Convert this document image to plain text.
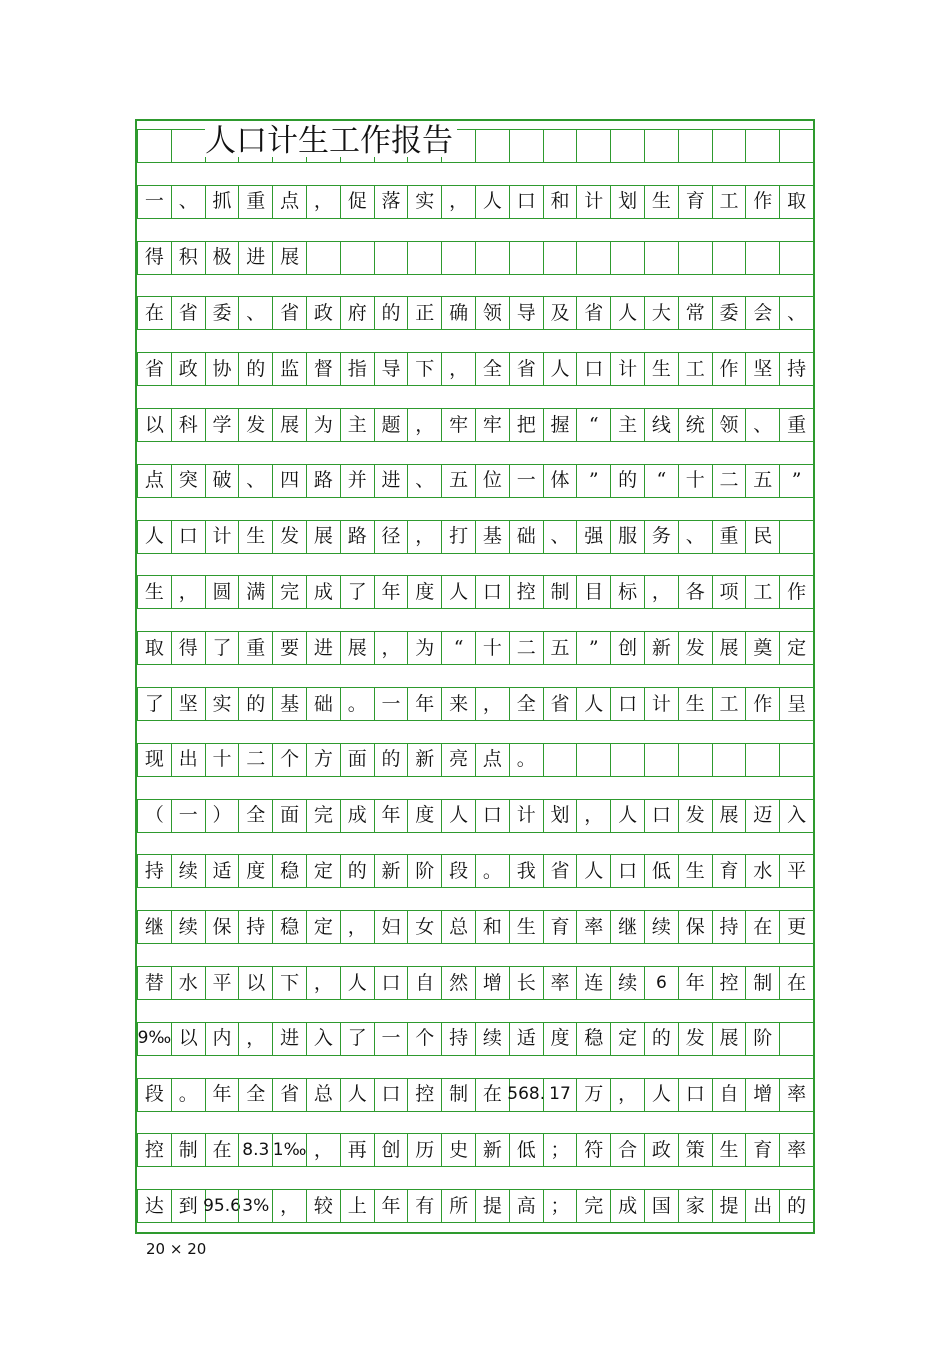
人口计生工作报告
一 、 抓 重 点 ， 促 落 实 ， 人 口 和 计 划 生 育 工 作 取
得 积 极 进 展
在 省 委 、 省 政 府 的 正 确 领 导 及 省 人 大 常 委 会 、
省 政 协 的 监 督 指 导 下 ， 全 省 人 口 计 生 工 作 坚 持
以 科 学 发 展 为 主 题 ， 牢 牢 把 握	“	主 线 统 领 、 重
点 突 破 、 四 路 并 进 、 五 位 一 体	”	的	“	十 二 五	”
人 口 计 生 发 展 路 径 ， 打 基 础 、 强 服 务 、 重 民
生 ， 圆 满 完 成 了 年 度 人 口 控 制 目 标 ， 各 项 工 作
取 得 了 重 要 进 展 ， 为	“	十 二 五	”	创 新 发 展 奠 定
了 坚 实 的 基 础 。 一 年 来 ， 全 省 人 口 计 生 工 作 呈
现 出 十 二 个 方 面 的 新 亮 点 。
（ 一 ） 全 面 完 成 年 度 人 口 计 划 ， 人 口 发 展 迈 入
持 续 适 度 稳 定 的 新 阶 段 。 我 省 人 口 低 生 育 水 平
继 续 保 持 稳 定 ， 妇 女 总 和 生 育 率 继 续 保 持 在 更
替 水 平 以 下 ， 人 口 自 然 增 长 率 连 续	6 年 控 制 在
9‰ 以 内 ， 进 入 了 一 个 持 续 适 度 稳 定 的 发 展 阶
段 。 年 全 省 总 人 口 控 制 在 568. 17 万 ， 人 口 自 增 率
控 制 在 8.3 1‰ ， 再 创 历 史 新 低 ； 符 合 政 策 生 育 率
达 到 95.6 3% ， 较 上 年 有 所 提 高 ； 完 成 国 家 提 出 的
20 × 20
